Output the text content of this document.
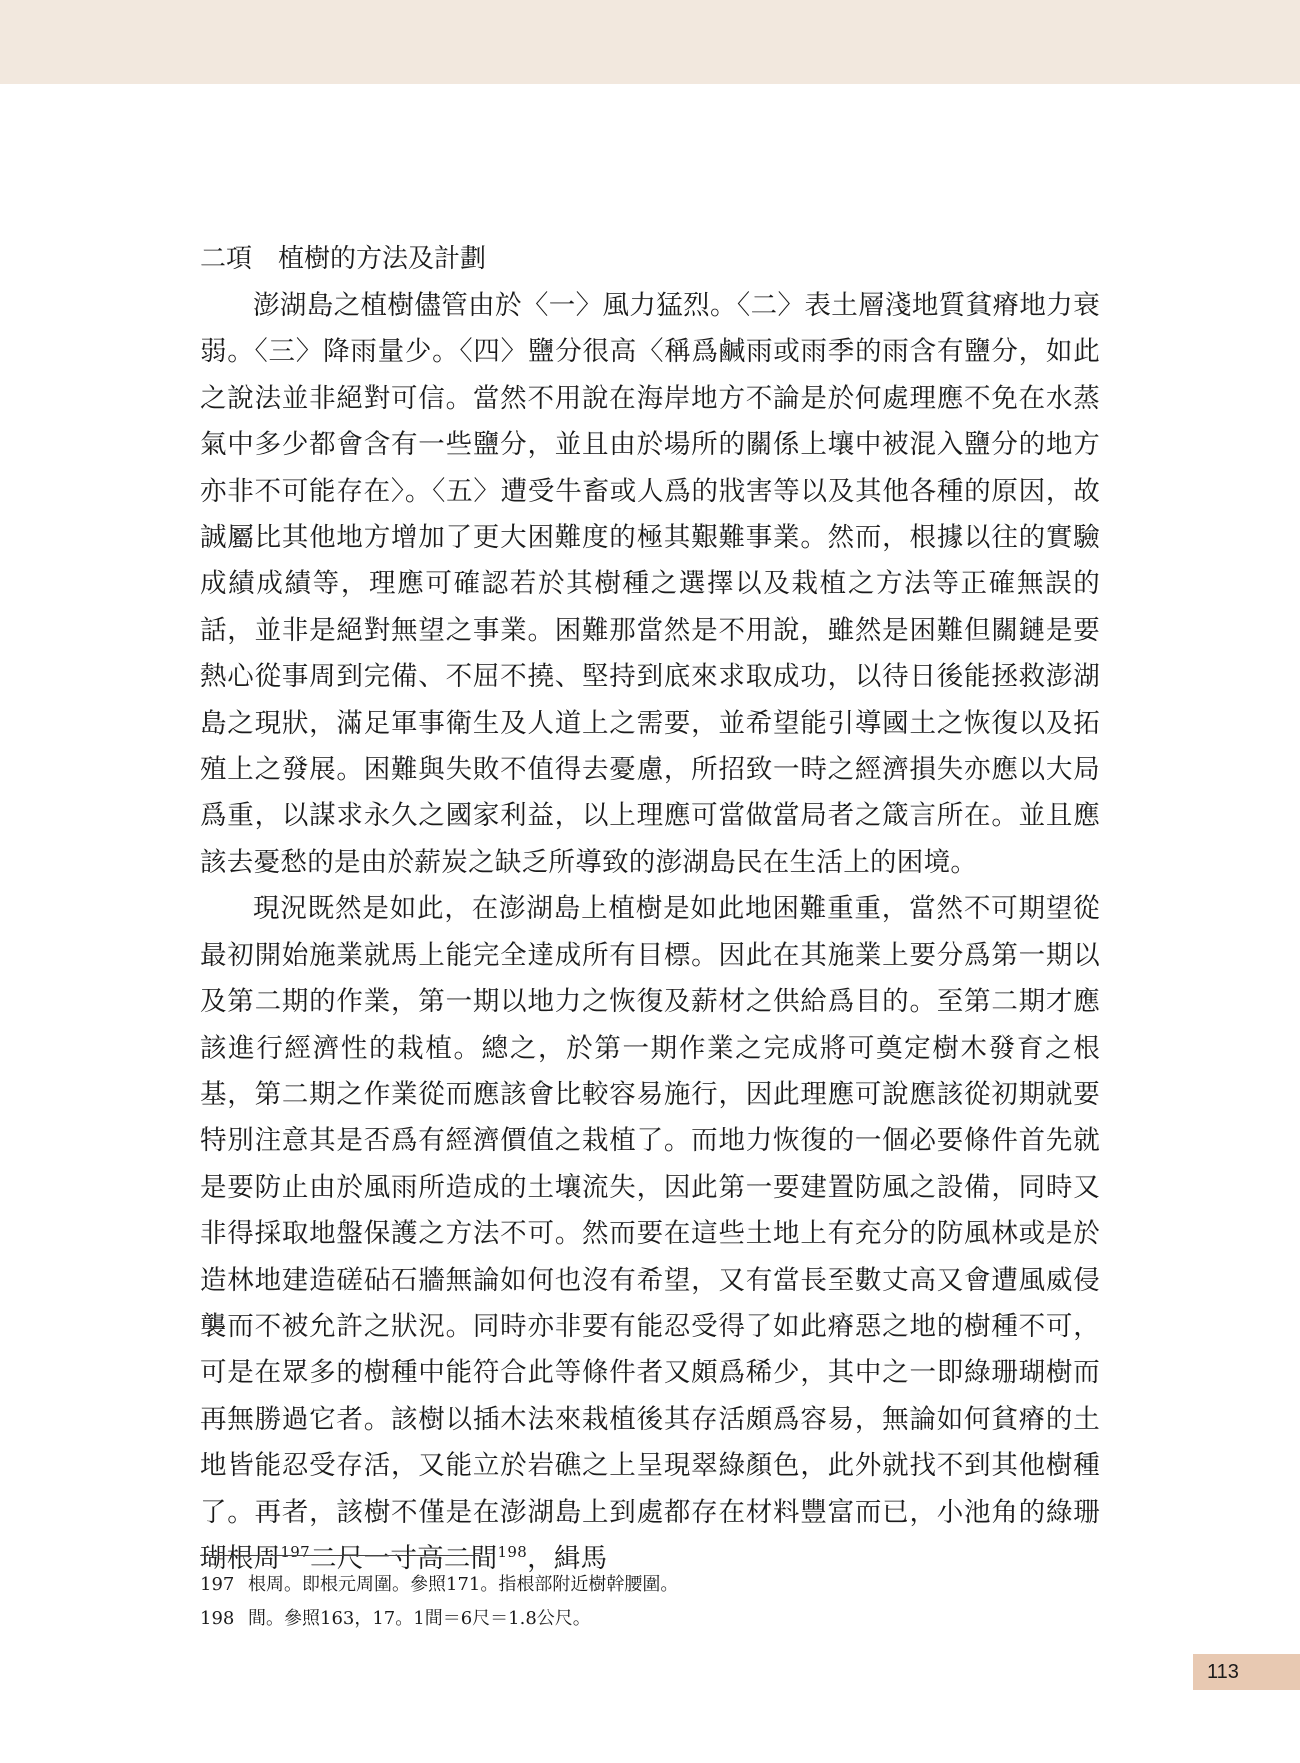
二項　植樹的方法及計劃

澎湖島之植樹儘管由於〈一〉風力猛烈。〈二〉表土層淺地質貧瘠地力衰弱。〈三〉降雨量少。〈四〉鹽分很高〈稱爲鹹雨或雨季的雨含有鹽分，如此之說法並非絕對可信。當然不用說在海岸地方不論是於何處理應不免在水蒸氣中多少都會含有一些鹽分，並且由於場所的關係上壤中被混入鹽分的地方亦非不可能存在〉。〈五〉遭受牛畜或人爲的戕害等以及其他各種的原因，故誠屬比其他地方增加了更大困難度的極其艱難事業。然而，根據以往的實驗成績成績等，理應可確認若於其樹種之選擇以及栽植之方法等正確無誤的話，並非是絕對無望之事業。困難那當然是不用說，雖然是困難但關鏈是要熱心從事周到完備、不屈不撓、堅持到底來求取成功，以待日後能拯救澎湖島之現狀，滿足軍事衛生及人道上之需要，並希望能引導國土之恢復以及拓殖上之發展。困難與失敗不值得去憂慮，所招致一時之經濟損失亦應以大局爲重，以謀求永久之國家利益，以上理應可當做當局者之箴言所在。並且應該去憂愁的是由於薪炭之缺乏所導致的澎湖島民在生活上的困境。

現況既然是如此，在澎湖島上植樹是如此地困難重重，當然不可期望從最初開始施業就馬上能完全達成所有目標。因此在其施業上要分爲第一期以及第二期的作業，第一期以地力之恢復及薪材之供給爲目的。至第二期才應該進行經濟性的栽植。總之，於第一期作業之完成將可奠定樹木發育之根基，第二期之作業從而應該會比較容易施行，因此理應可說應該從初期就要特別注意其是否爲有經濟價值之栽植了。而地力恢復的一個必要條件首先就是要防止由於風雨所造成的土壤流失，因此第一要建置防風之設備，同時又非得採取地盤保護之方法不可。然而要在這些土地上有充分的防風林或是於造林地建造磋砧石牆無論如何也沒有希望，又有當長至數丈高又會遭風威侵襲而不被允許之狀況。同時亦非要有能忍受得了如此瘠惡之地的樹種不可，可是在眾多的樹種中能符合此等條件者又頗爲稀少，其中之一即綠珊瑚樹而再無勝過它者。該樹以插木法來栽植後其存活頗爲容易，無論如何貧瘠的土地皆能忍受存活，又能立於岩礁之上呈現翠綠顏色，此外就找不到其他樹種了。再者，該樹不僅是在澎湖島上到處都存在材料豐富而已，小池角的綠珊瑚根周$^{197}$二尺一寸高二間$^{198}$，緝馬

197 根周。即根元周圍。參照171。指根部附近樹幹腰圍。

198 間。參照163，17。1間＝6尺＝1.8公尺。

113
